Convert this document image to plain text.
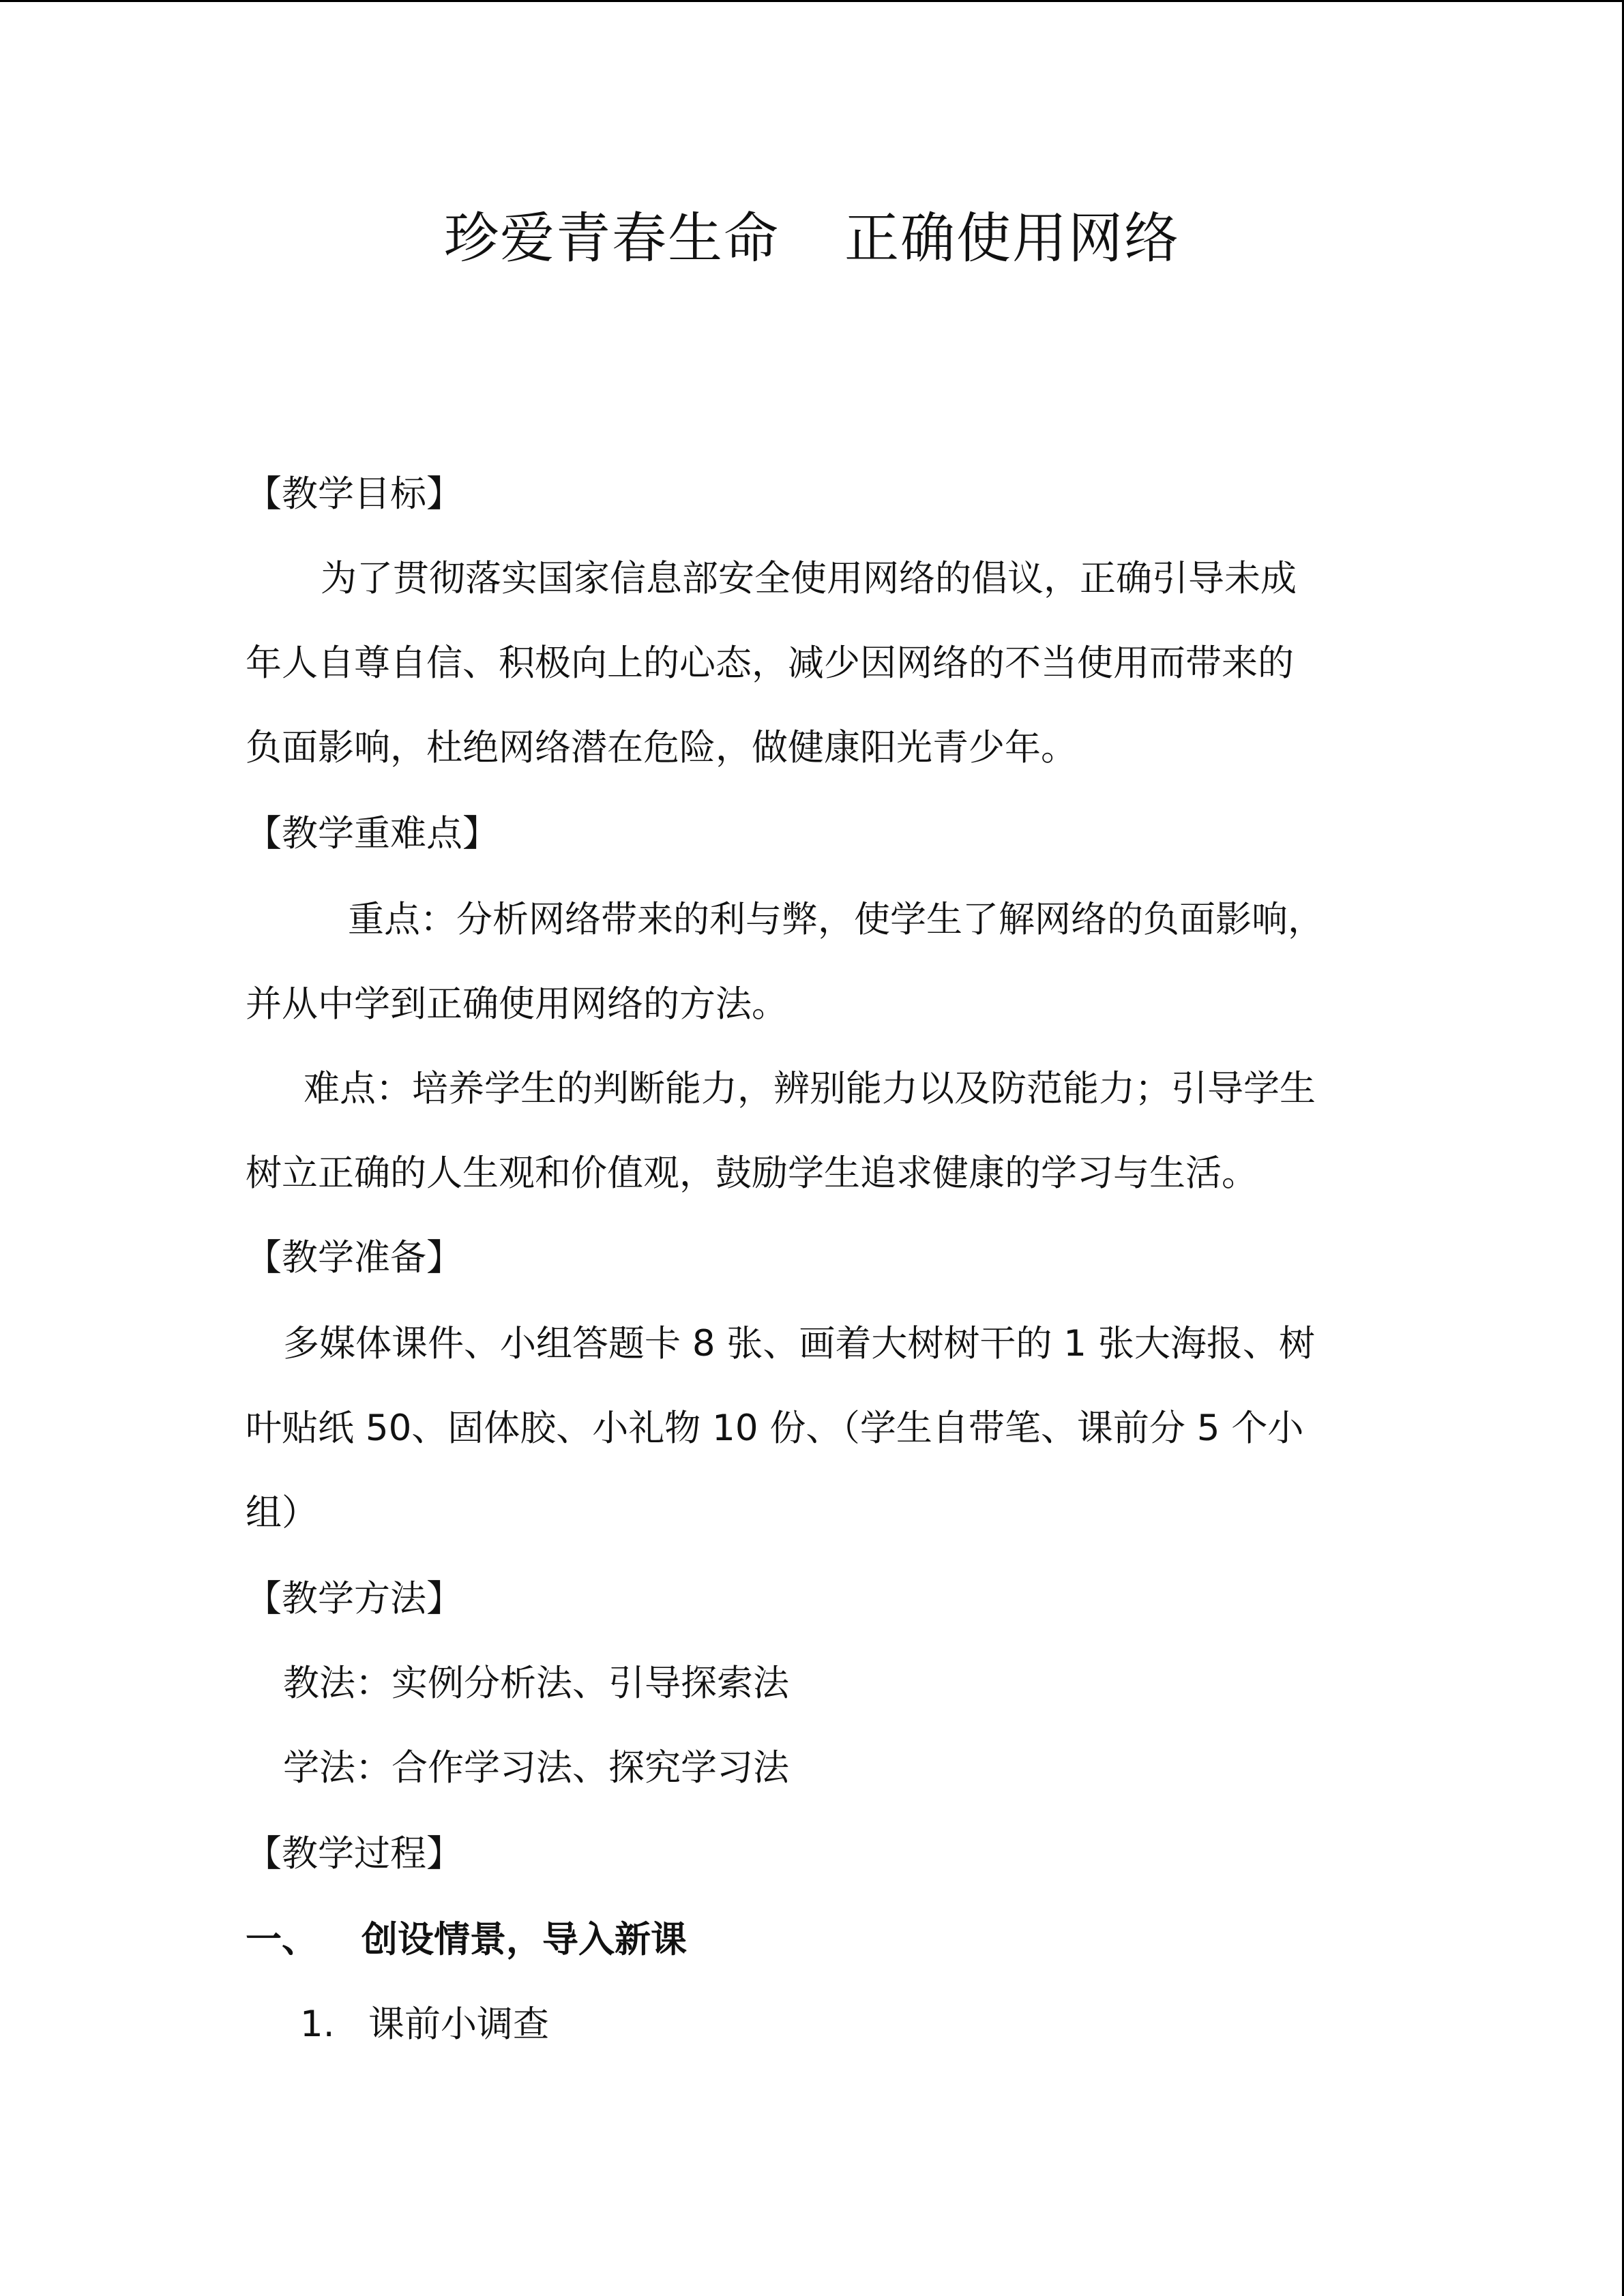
珍爱青春生命 正确使用网络

【教学目标】

为了贯彻落实国家信息部安全使用网络的倡议，正确引导未成

年人自尊自信、积极向上的心态，减少因网络的不当使用而带来的

负面影响，杜绝网络潜在危险，做健康阳光青少年。

【教学重难点】

重点：分析网络带来的利与弊，使学生了解网络的负面影响，

并从中学到正确使用网络的方法。

难点：培养学生的判断能力，辨别能力以及防范能力；引导学生

树立正确的人生观和价值观，鼓励学生追求健康的学习与生活。

【教学准备】

多媒体课件、小组答题卡 8 张、画着大树树干的 1 张大海报、树

叶贴纸 50、固体胶、小礼物 10 份、（学生自带笔、课前分 5 个小

组）

【教学方法】

教法：实例分析法、引导探索法

学法：合作学习法、探究学习法

【教学过程】

一、 创设情景，导入新课

1. 课前小调查
